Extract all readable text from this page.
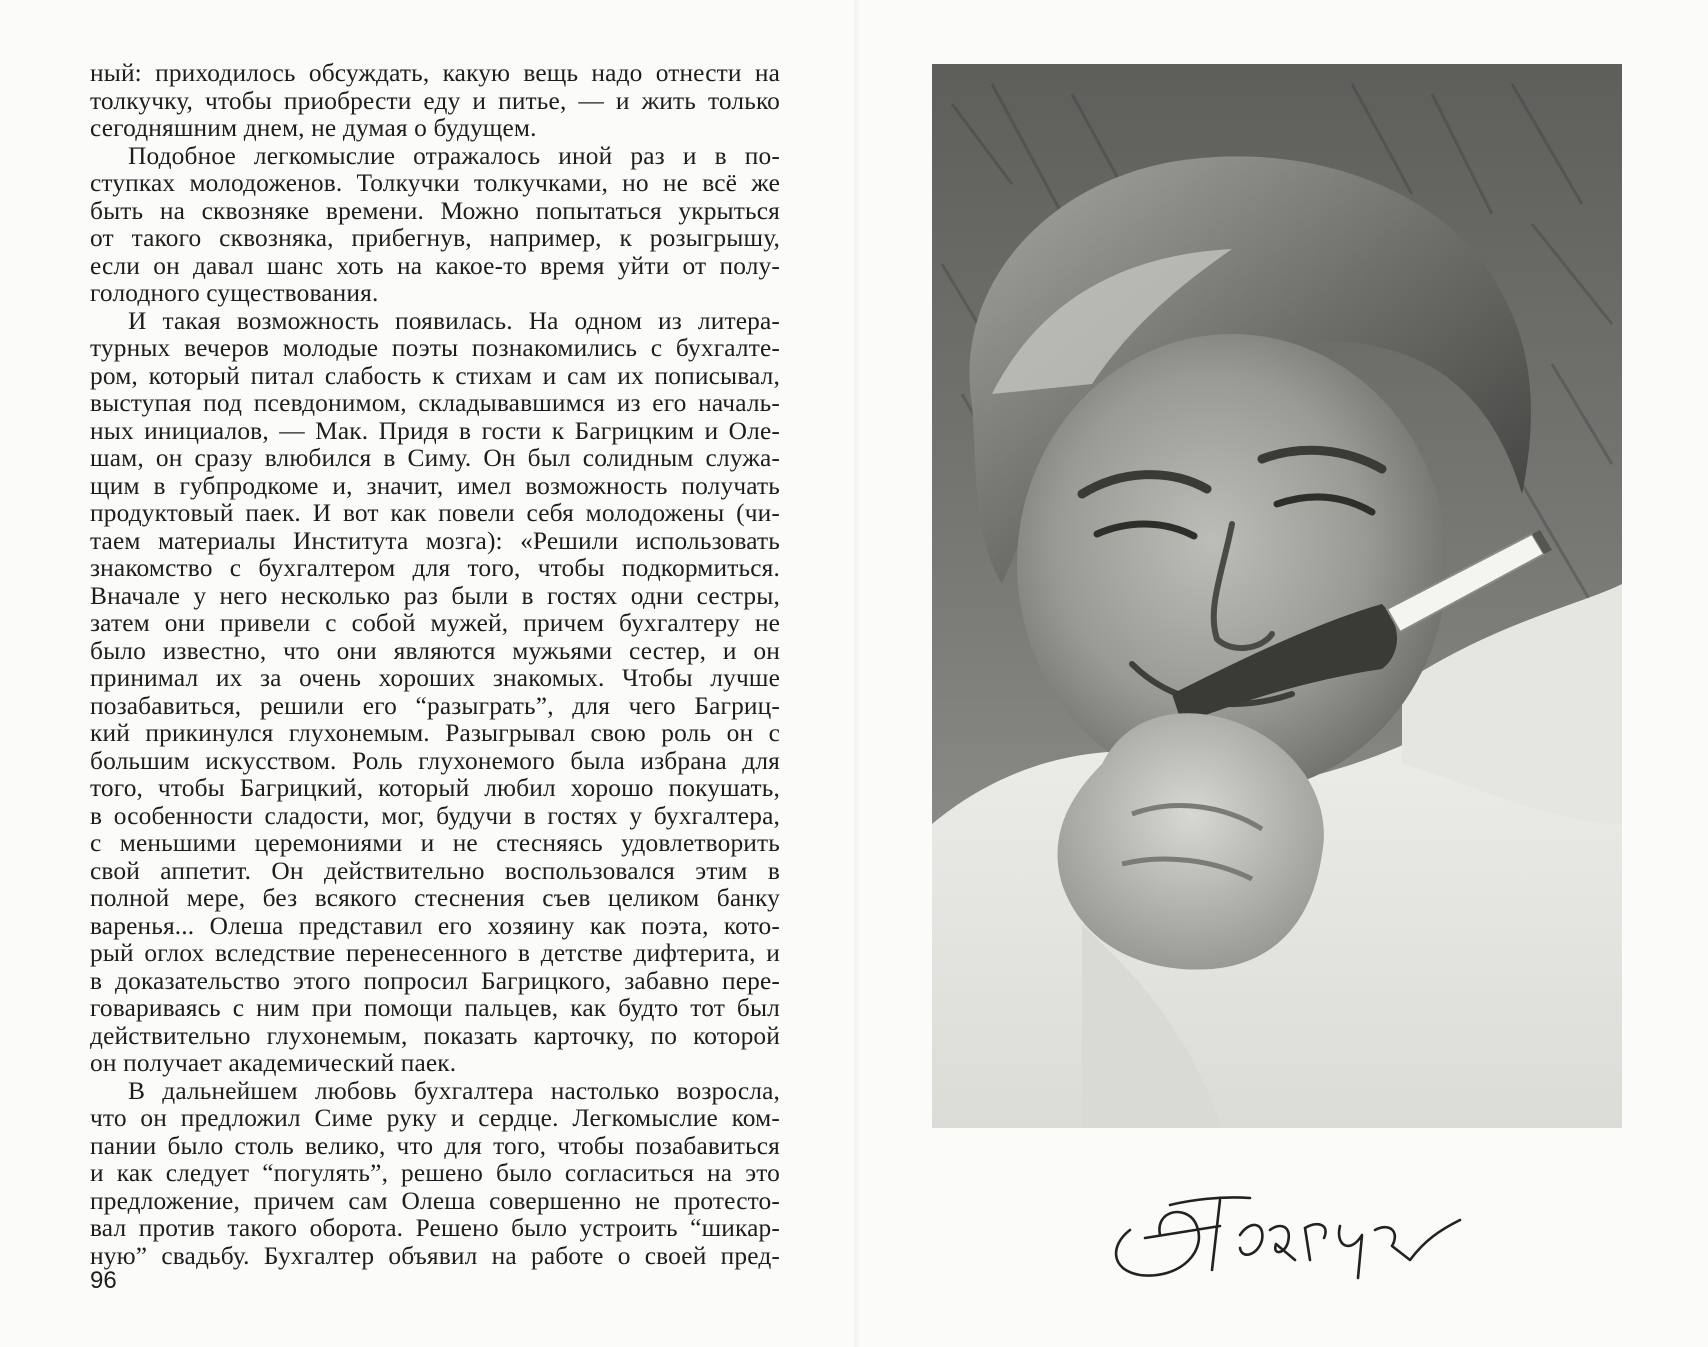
ный: приходилось обсуждать, какую вещь надо отнести на
толкучку, чтобы приобрести еду и питье, — и жить только
сегодняшним днем, не думая о будущем.
Подобное легкомыслие отражалось иной раз и в по-
ступках молодоженов. Толкучки толкучками, но не всё же
быть на сквозняке времени. Можно попытаться укрыться
от такого сквозняка, прибегнув, например, к розыгрышу,
если он давал шанс хоть на какое-то время уйти от полу-
голодного существования.
И такая возможность появилась. На одном из литера-
турных вечеров молодые поэты познакомились с бухгалте-
ром, который питал слабость к стихам и сам их пописывал,
выступая под псевдонимом, складывавшимся из его началь-
ных инициалов, — Мак. Придя в гости к Багрицким и Оле-
шам, он сразу влюбился в Симу. Он был солидным служа-
щим в губпродкоме и, значит, имел возможность получать
продуктовый паек. И вот как повели себя молодожены (чи-
таем материалы Института мозга): «Решили использовать
знакомство с бухгалтером для того, чтобы подкормиться.
Вначале у него несколько раз были в гостях одни сестры,
затем они привели с собой мужей, причем бухгалтеру не
было известно, что они являются мужьями сестер, и он
принимал их за очень хороших знакомых. Чтобы лучше
позабавиться, решили его “разыграть”, для чего Багриц-
кий прикинулся глухонемым. Разыгрывал свою роль он с
большим искусством. Роль глухонемого была избрана для
того, чтобы Багрицкий, который любил хорошо покушать,
в особенности сладости, мог, будучи в гостях у бухгалтера,
с меньшими церемониями и не стесняясь удовлетворить
свой аппетит. Он действительно воспользовался этим в
полной мере, без всякого стеснения съев целиком банку
варенья... Олеша представил его хозяину как поэта, кото-
рый оглох вследствие перенесенного в детстве дифтерита, и
в доказательство этого попросил Багрицкого, забавно пере-
говариваясь с ним при помощи пальцев, как будто тот был
действительно глухонемым, показать карточку, по которой
он получает академический паек.
В дальнейшем любовь бухгалтера настолько возросла,
что он предложил Симе руку и сердце. Легкомыслие ком-
пании было столь велико, что для того, чтобы позабавиться
и как следует “погулять”, решено было согласиться на это
предложение, причем сам Олеша совершенно не протесто-
вал против такого оборота. Решено было устроить “шикар-
ную” свадьбу. Бухгалтер объявил на работе о своей пред-
96
